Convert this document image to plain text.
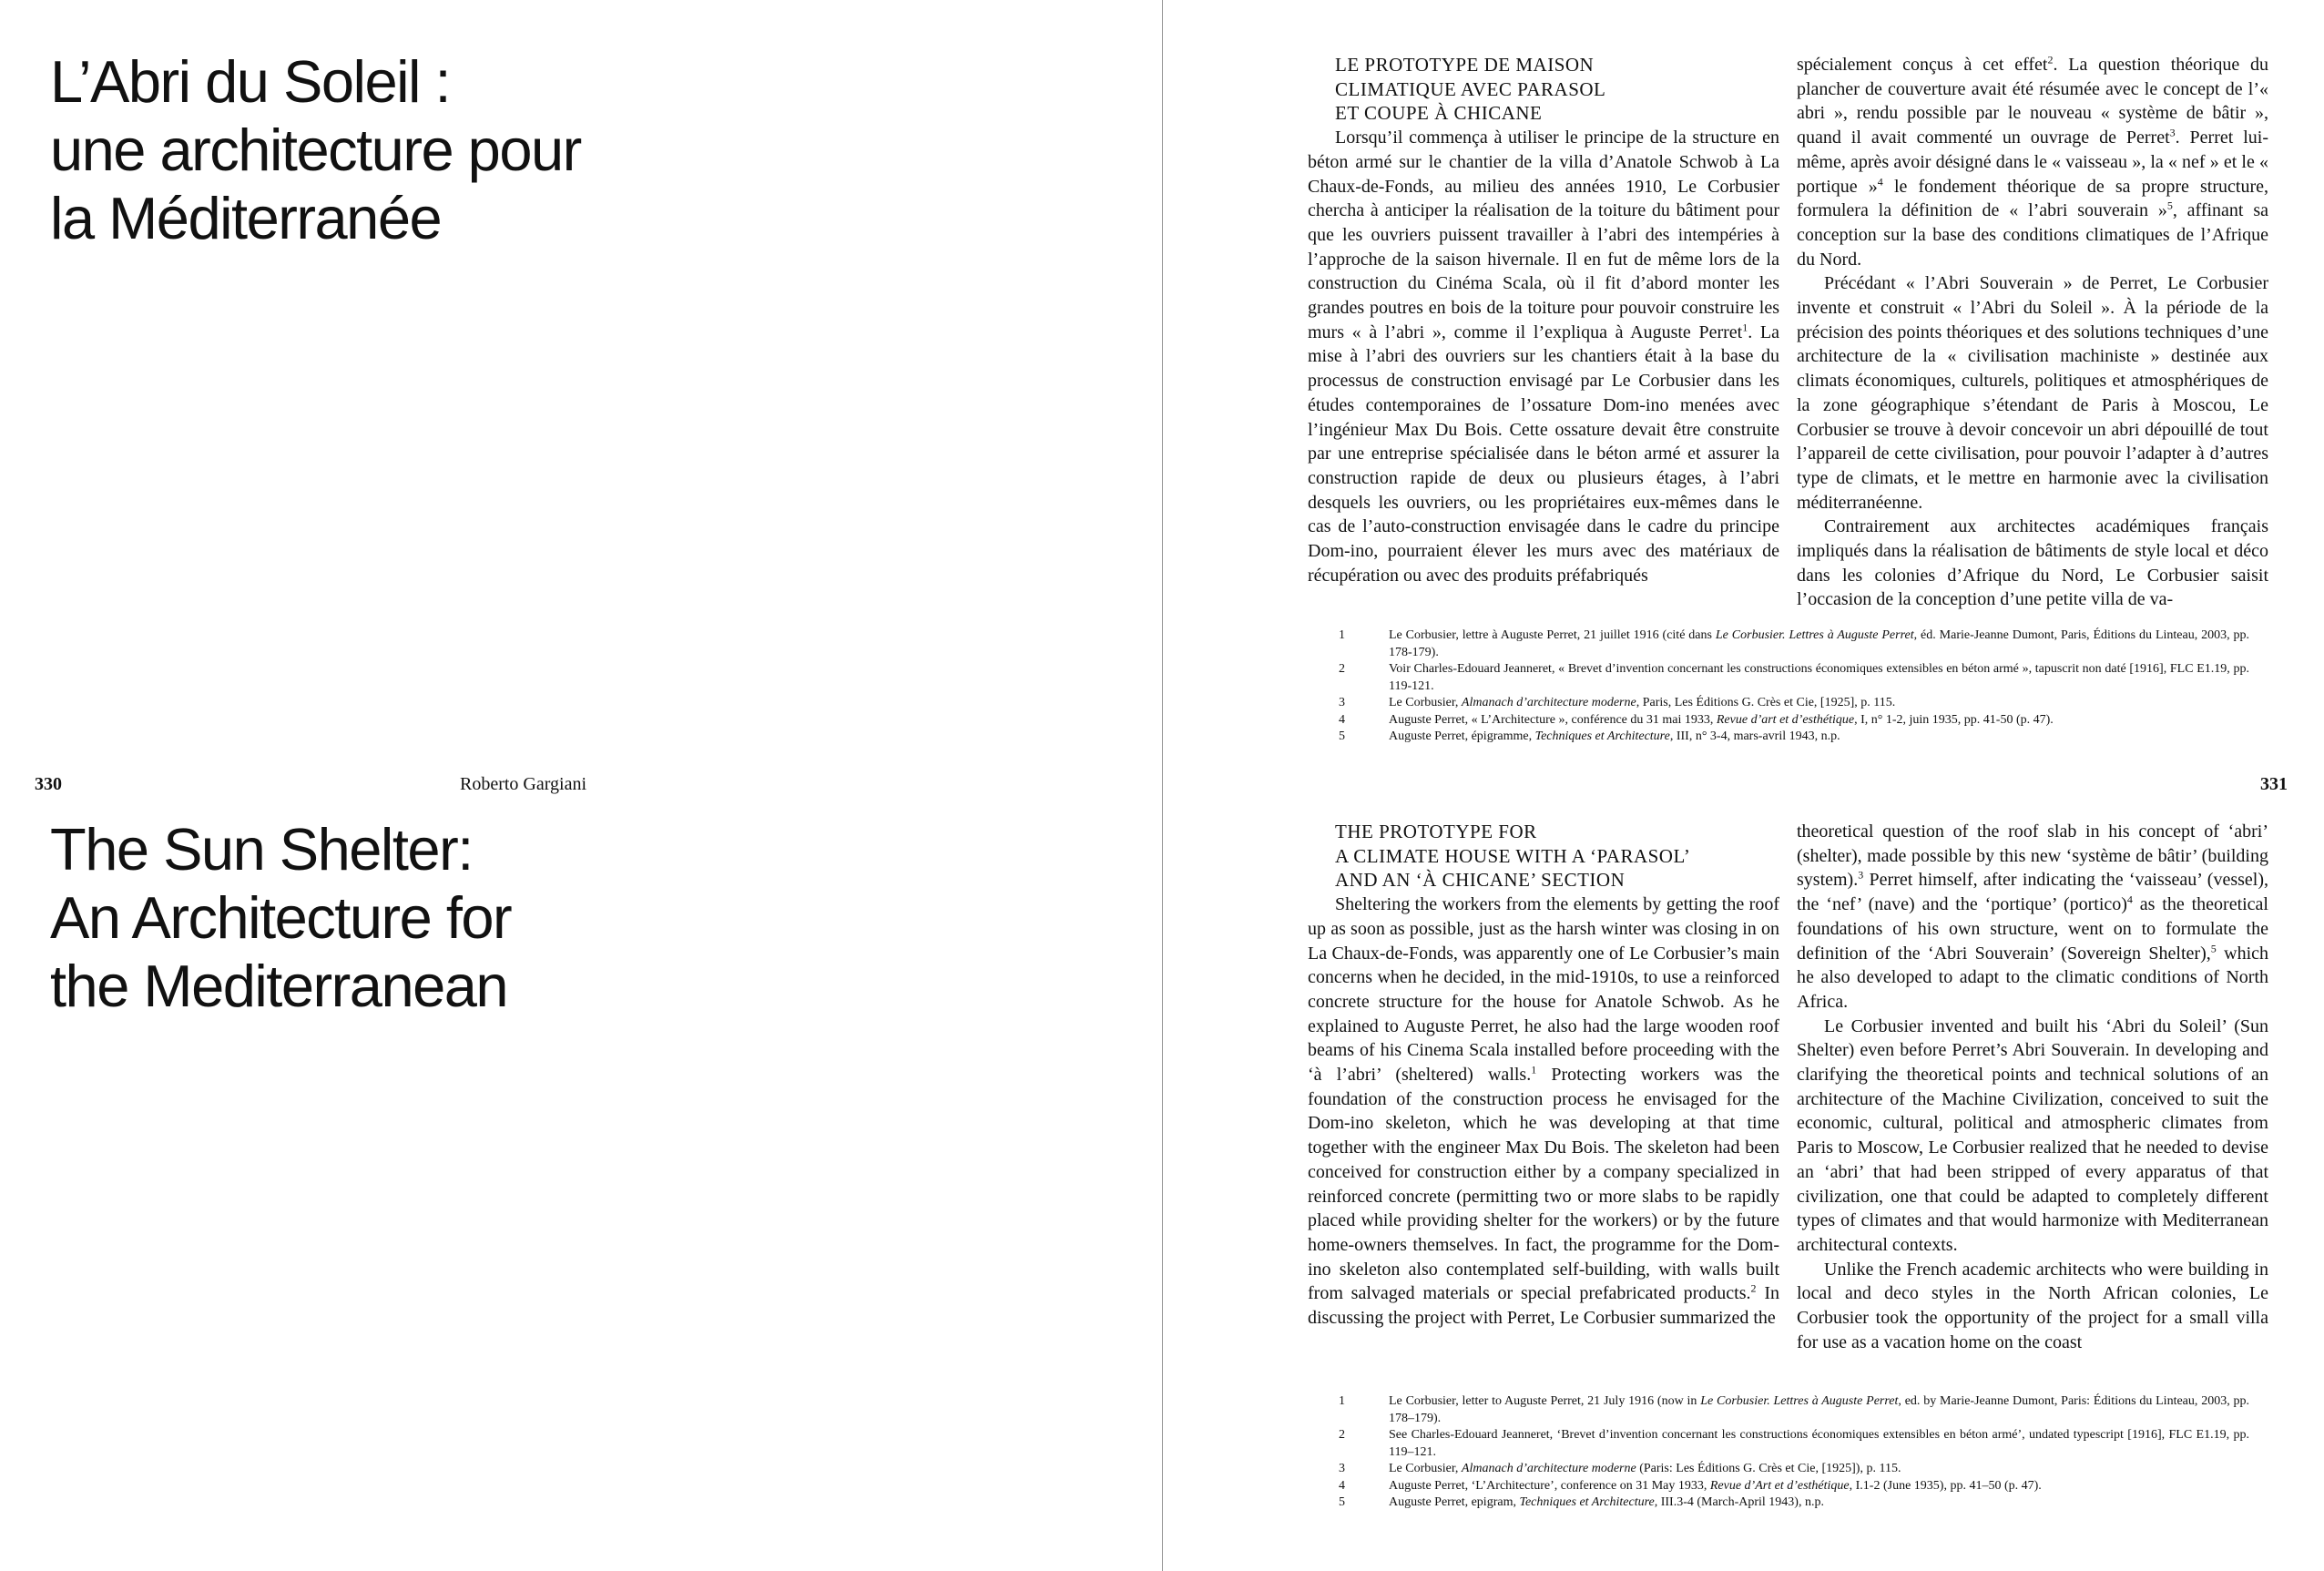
L’Abri du Soleil :
une architecture pour
la Méditerranée
330	Roberto Gargiani
The Sun Shelter:
An Architecture for
the Mediterranean
LE PROTOTYPE DE MAISON
CLIMATIQUE AVEC PARASOL
ET COUPE À CHICANE

Lorsqu’il commença à utiliser le principe de la structure en béton armé sur le chantier de la villa d’Anatole Schwob à La Chaux-de-Fonds, au milieu des années 1910, Le Corbusier chercha à anticiper la réalisation de la toiture du bâtiment pour que les ouvriers puissent travailler à l’abri des intempéries à l’approche de la saison hivernale. Il en fut de même lors de la construction du Cinéma Scala, où il fit d’abord monter les grandes poutres en bois de la toiture pour pouvoir construire les murs « à l’abri », comme il l’expliqua à Auguste Perret$^1$. La mise à l’abri des ouvriers sur les chantiers était à la base du processus de construction envisagé par Le Corbusier dans les études contemporaines de l’ossature Dom-ino menées avec l’ingénieur Max Du Bois. Cette ossature devait être construite par une entreprise spécialisée dans le béton armé et assurer la construction rapide de deux ou plusieurs étages, à l’abri desquels les ouvriers, ou les propriétaires eux-mêmes dans le cas de l’auto-construction envisagée dans le cadre du principe Dom-ino, pourraient élever les murs avec des matériaux de récupération ou avec des produits préfabriqués

spécialement conçus à cet effet$^2$. La question théorique du plancher de couverture avait été résumée avec le concept de l’« abri », rendu possible par le nouveau « système de bâtir », quand il avait commenté un ouvrage de Perret$^3$. Perret lui-même, après avoir désigné dans le « vaisseau », la « nef » et le « portique »$^4$ le fondement théorique de sa propre structure, formulera la définition de « l’abri souverain »$^5$, affinant sa conception sur la base des conditions climatiques de l’Afrique du Nord.

Précédant « l’Abri Souverain » de Perret, Le Corbusier invente et construit « l’Abri du Soleil ». À la période de la précision des points théoriques et des solutions techniques d’une architecture de la « civilisation machiniste » destinée aux climats économiques, culturels, politiques et atmosphériques de la zone géographique s’étendant de Paris à Moscou, Le Corbusier se trouve à devoir concevoir un abri dépouillé de tout l’appareil de cette civilisation, pour pouvoir l’adapter à d’autres type de climats, et le mettre en harmonie avec la civilisation méditerranéenne.

Contrairement aux architectes académiques français impliqués dans la réalisation de bâtiments de style local et déco dans les colonies d’Afrique du Nord, Le Corbusier saisit l’occasion de la conception d’une petite villa de va-

1	Le Corbusier, lettre à Auguste Perret, 21 juillet 1916 (cité dans Le Corbusier. Lettres à Auguste Perret, éd. Marie-Jeanne Dumont, Paris, Éditions du Linteau, 2003, pp. 178-179).
2	Voir Charles-Edouard Jeanneret, « Brevet d’invention concernant les constructions économiques extensibles en béton armé », tapuscrit non daté [1916], FLC E1.19, pp. 119-121.
3	Le Corbusier, Almanach d’architecture moderne, Paris, Les Éditions G. Crès et Cie, [1925], p. 115.
4	Auguste Perret, « L’Architecture », conférence du 31 mai 1933, Revue d’art et d’esthétique, I, n° 1-2, juin 1935, pp. 41-50 (p. 47).
5	Auguste Perret, épigramme, Techniques et Architecture, III, n° 3-4, mars-avril 1943, n.p.
331
THE PROTOTYPE FOR
A CLIMATE HOUSE WITH A ‘PARASOL’
AND AN ‘À CHICANE’ SECTION

Sheltering the workers from the elements by getting the roof up as soon as possible, just as the harsh winter was closing in on La Chaux-de-Fonds, was apparently one of Le Corbusier’s main concerns when he decided, in the mid-1910s, to use a reinforced concrete structure for the house for Anatole Schwob. As he explained to Auguste Perret, he also had the large wooden roof beams of his Cinema Scala installed before proceeding with the ‘à l’abri’ (sheltered) walls.$^1$ Protecting workers was the foundation of the construction process he envisaged for the Dom-ino skeleton, which he was developing at that time together with the engineer Max Du Bois. The skeleton had been conceived for construction either by a company specialized in reinforced concrete (permitting two or more slabs to be rapidly placed while providing shelter for the workers) or by the future home-owners themselves. In fact, the programme for the Dom-ino skeleton also contemplated self-building, with walls built from salvaged materials or special prefabricated products.$^2$ In discussing the project with Perret, Le Corbusier summarized the

theoretical question of the roof slab in his concept of ‘abri’ (shelter), made possible by this new ‘système de bâtir’ (building system).$^3$ Perret himself, after indicating the ‘vaisseau’ (vessel), the ‘nef’ (nave) and the ‘portique’ (portico)$^4$ as the theoretical foundations of his own structure, went on to formulate the definition of the ‘Abri Souverain’ (Sovereign Shelter),$^5$ which he also developed to adapt to the climatic conditions of North Africa.

Le Corbusier invented and built his ‘Abri du Soleil’ (Sun Shelter) even before Perret’s Abri Souverain. In developing and clarifying the theoretical points and technical solutions of an architecture of the Machine Civilization, conceived to suit the economic, cultural, political and atmospheric climates from Paris to Moscow, Le Corbusier realized that he needed to devise an ‘abri’ that had been stripped of every apparatus of that civilization, one that could be adapted to completely different types of climates and that would harmonize with Mediterranean architectural contexts.

Unlike the French academic architects who were building in local and deco styles in the North African colonies, Le Corbusier took the opportunity of the project for a small villa for use as a vacation home on the coast

1	Le Corbusier, letter to Auguste Perret, 21 July 1916 (now in Le Corbusier. Lettres à Auguste Perret, ed. by Marie-Jeanne Dumont, Paris: Éditions du Linteau, 2003, pp. 178–179).
2	See Charles-Edouard Jeanneret, ‘Brevet d’invention concernant les constructions économiques extensibles en béton armé’, undated typescript [1916], FLC E1.19, pp. 119–121.
3	Le Corbusier, Almanach d’architecture moderne (Paris: Les Éditions G. Crès et Cie, [1925]), p. 115.
4	Auguste Perret, ‘L’Architecture’, conference on 31 May 1933, Revue d’Art et d’esthétique, I.1-2 (June 1935), pp. 41–50 (p. 47).
5	Auguste Perret, epigram, Techniques et Architecture, III.3-4 (March-April 1943), n.p.
